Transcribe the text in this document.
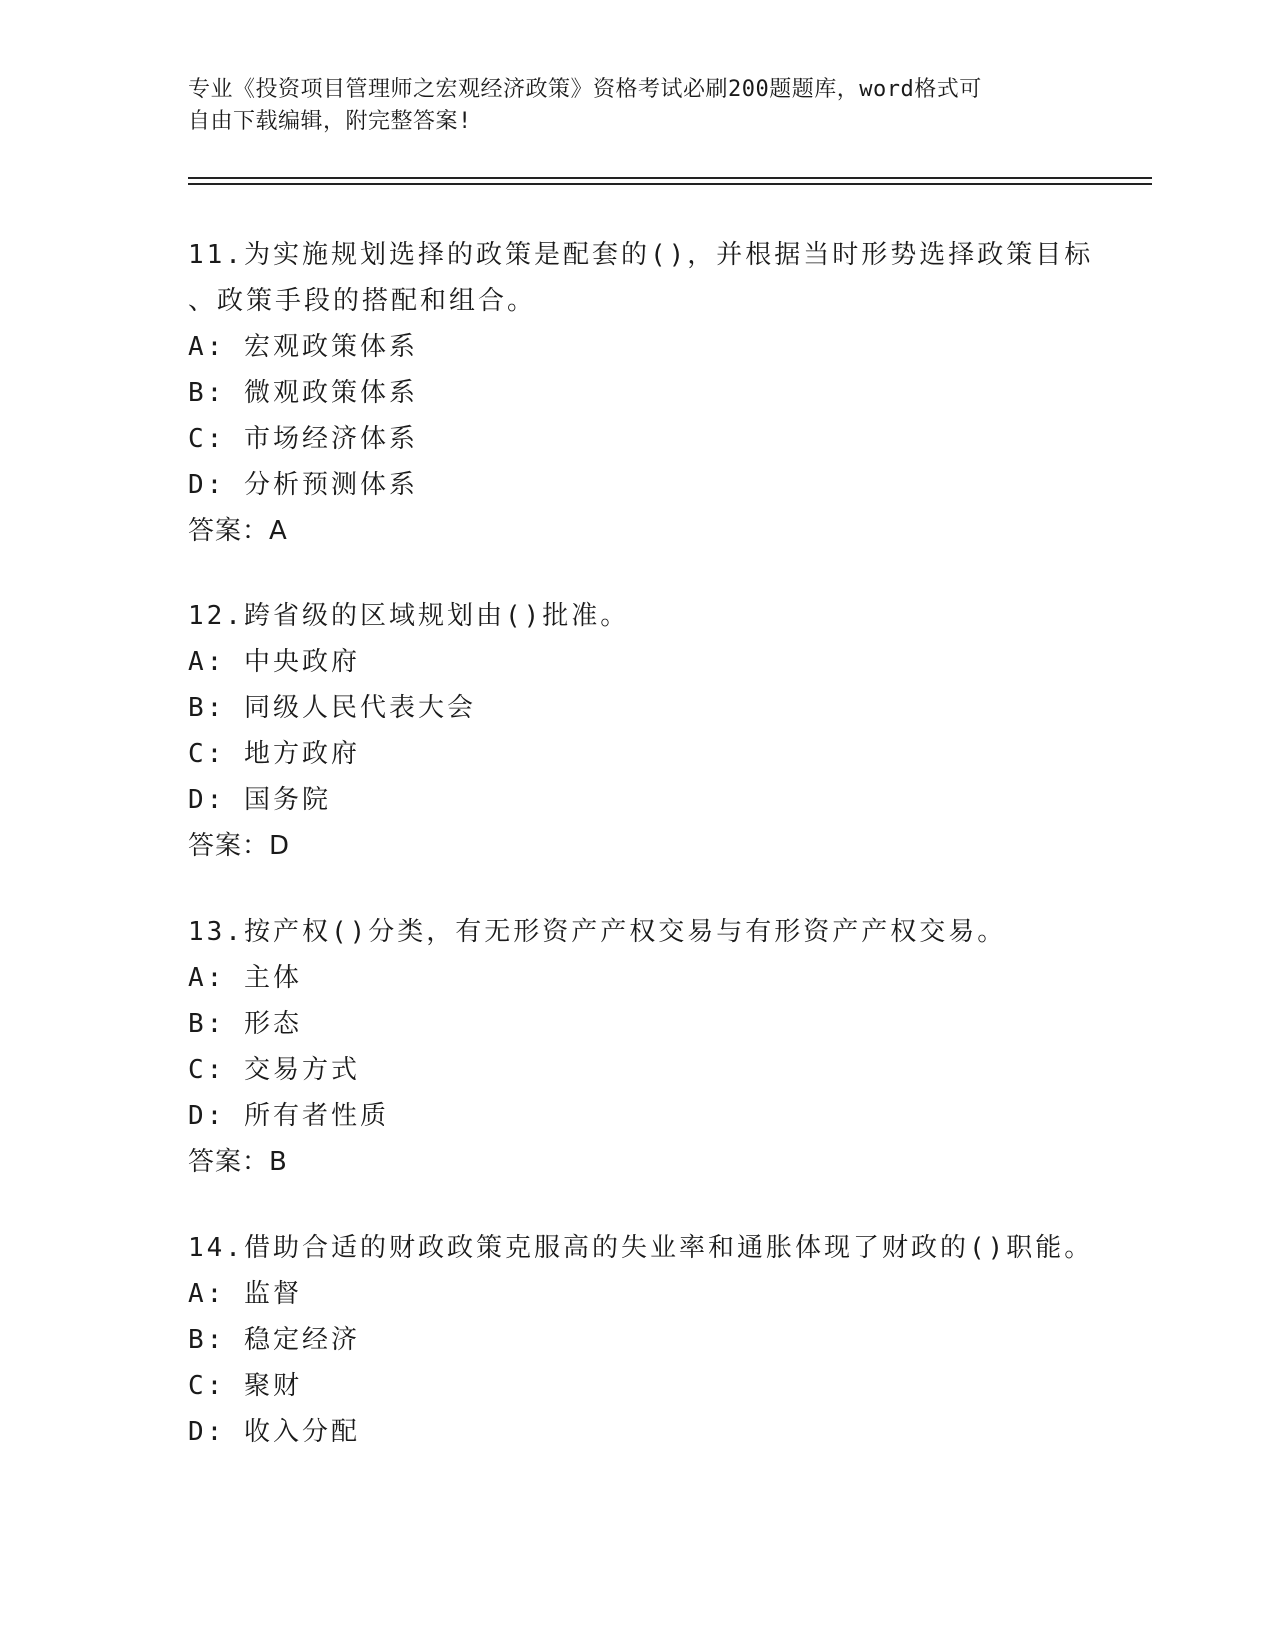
专业《投资项目管理师之宏观经济政策》资格考试必刷200题题库，word格式可
自由下载编辑，附完整答案!
11.为实施规划选择的政策是配套的()，并根据当时形势选择政策目标
、政策手段的搭配和组合。
A: 宏观政策体系
B: 微观政策体系
C: 市场经济体系
D: 分析预测体系
答案：A
12.跨省级的区域规划由()批准。
A: 中央政府
B: 同级人民代表大会
C: 地方政府
D: 国务院
答案：D
13.按产权()分类，有无形资产产权交易与有形资产产权交易。
A: 主体
B: 形态
C: 交易方式
D: 所有者性质
答案：B
14.借助合适的财政政策克服高的失业率和通胀体现了财政的()职能。
A: 监督
B: 稳定经济
C: 聚财
D: 收入分配
